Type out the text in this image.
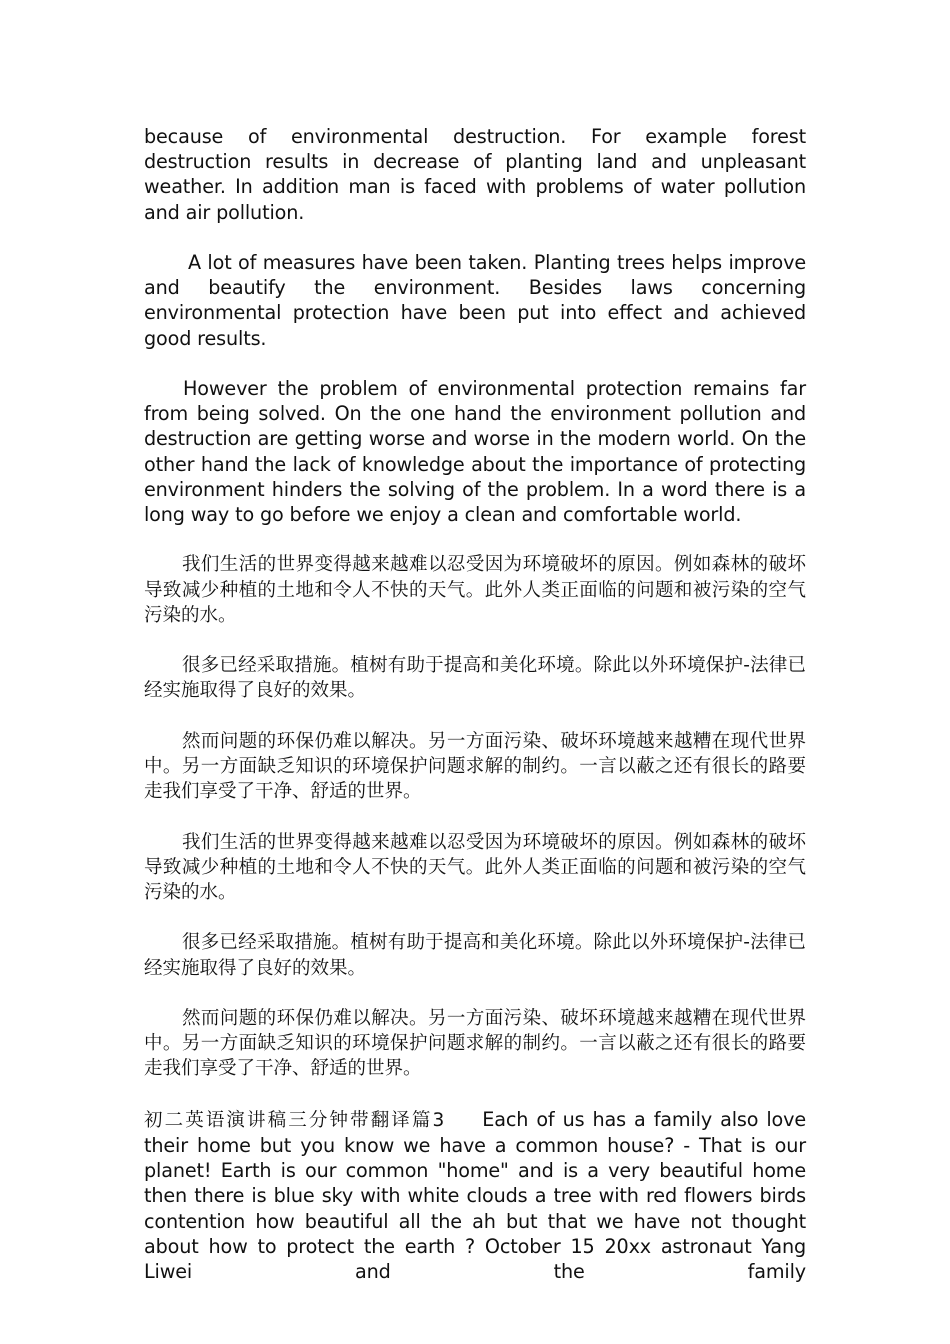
because of environmental destruction. For example forest destruction results in decrease of planting land and unpleasant weather. In addition man is faced with problems of water pollution and air pollution.

A lot of measures have been taken. Planting trees helps improve and beautify the environment. Besides laws concerning environmental protection have been put into effect and achieved good results.

However the problem of environmental protection remains far from being solved. On the one hand the environment pollution and destruction are getting worse and worse in the modern world. On the other hand the lack of knowledge about the importance of protecting environment hinders the solving of the problem. In a word there is a long way to go before we enjoy a clean and comfortable world.

我们生活的世界变得越来越难以忍受因为环境破坏的原因。例如森林的破坏导致减少种植的土地和令人不快的天气。此外人类正面临的问题和被污染的空气污染的水。

很多已经采取措施。植树有助于提高和美化环境。除此以外环境保护-法律已经实施取得了良好的效果。

然而问题的环保仍难以解决。另一方面污染、破坏环境越来越糟在现代世界中。另一方面缺乏知识的环境保护问题求解的制约。一言以蔽之还有很长的路要走我们享受了干净、舒适的世界。

我们生活的世界变得越来越难以忍受因为环境破坏的原因。例如森林的破坏导致减少种植的土地和令人不快的天气。此外人类正面临的问题和被污染的空气污染的水。

很多已经采取措施。植树有助于提高和美化环境。除此以外环境保护-法律已经实施取得了良好的效果。

然而问题的环保仍难以解决。另一方面污染、破坏环境越来越糟在现代世界中。另一方面缺乏知识的环境保护问题求解的制约。一言以蔽之还有很长的路要走我们享受了干净、舒适的世界。

初二英语演讲稿三分钟带翻译篇3 Each of us has a family also love their home but you know we have a common house? - That is our planet! Earth is our common "home" and is a very beautiful home then there is blue sky with white clouds a tree with red flowers birds contention how beautiful all the ah but that we have not thought about how to protect the earth ? October 15 20xx astronaut Yang Liwei and the family
